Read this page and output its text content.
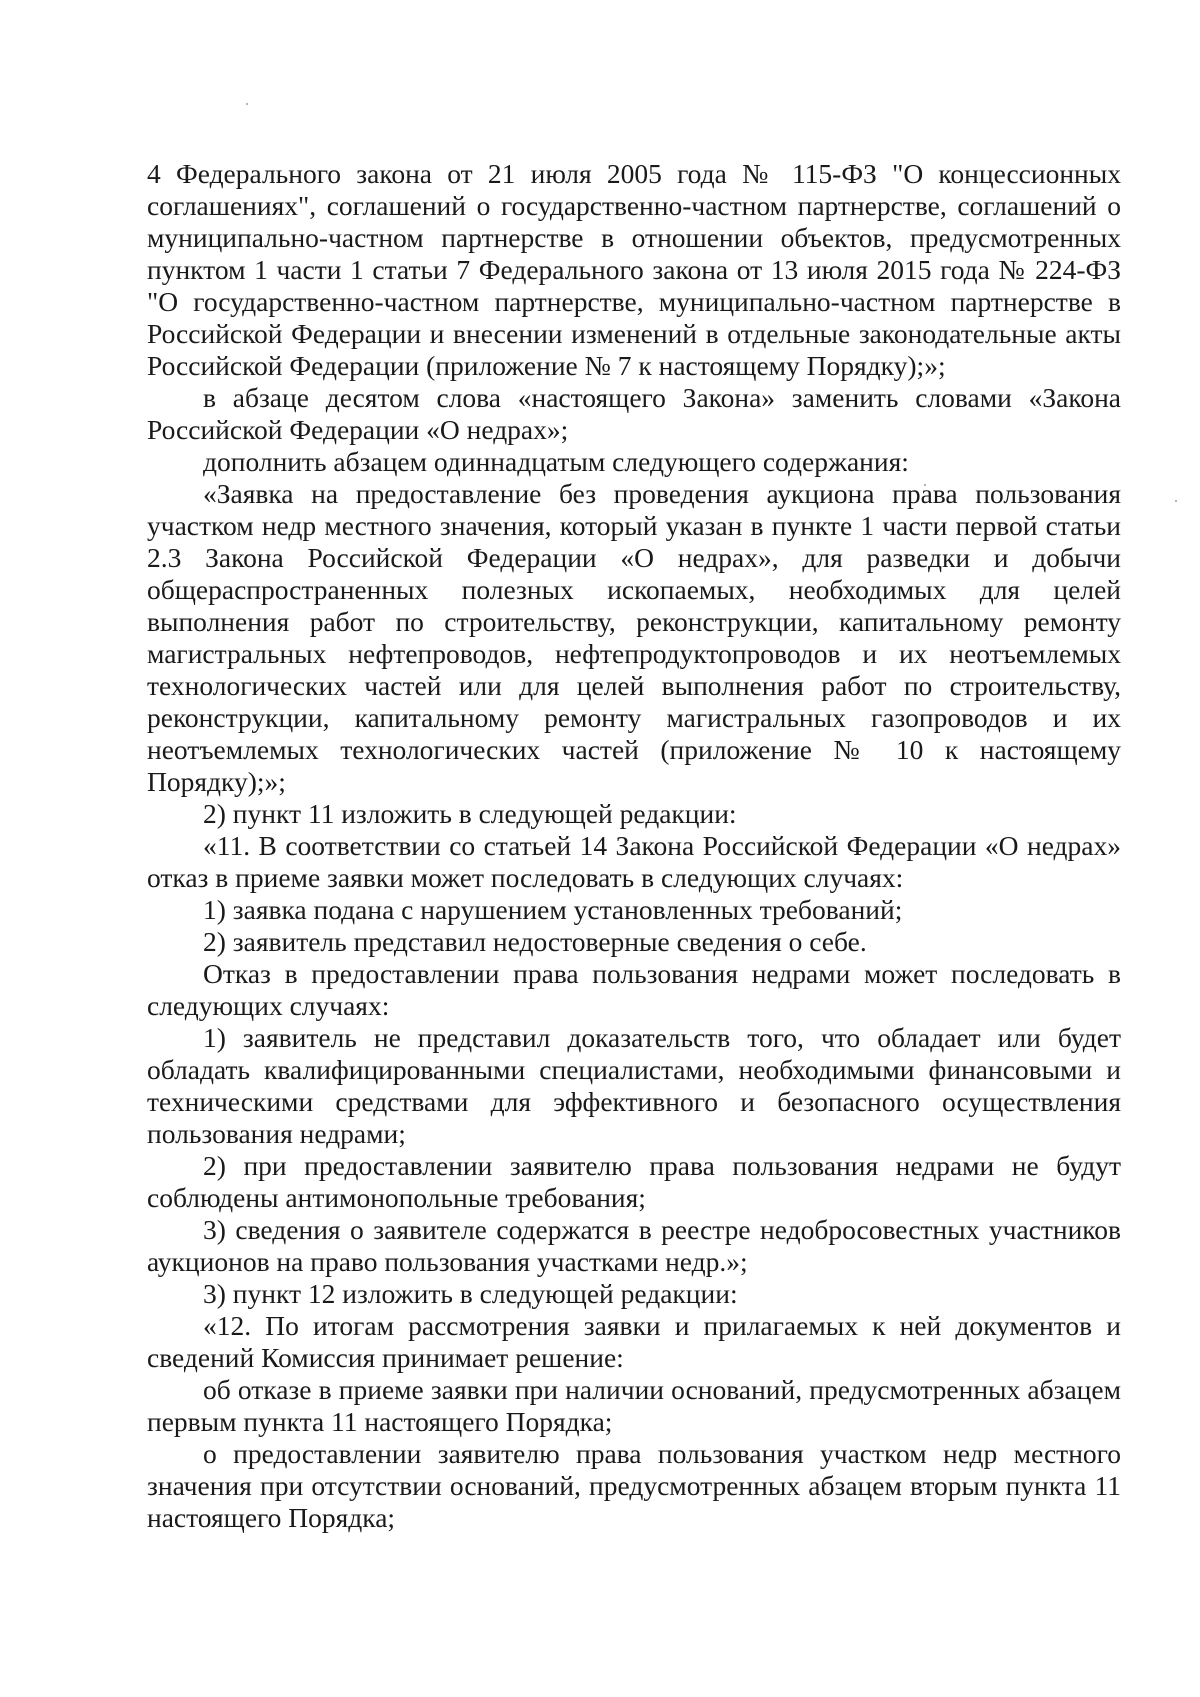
4 Федерального закона от 21 июля 2005 года № 115-ФЗ "О концессионных соглашениях", соглашений о государственно-частном партнерстве, соглашений о муниципально-частном партнерстве в отношении объектов, предусмотренных пунктом 1 части 1 статьи 7 Федерального закона от 13 июля 2015 года № 224-ФЗ "О государственно-частном партнерстве, муниципально-частном партнерстве в Российской Федерации и внесении изменений в отдельные законодательные акты Российской Федерации (приложение № 7 к настоящему Порядку);»;

в абзаце десятом слова «настоящего Закона» заменить словами «Закона Российской Федерации «О недрах»;

дополнить абзацем одиннадцатым следующего содержания:

«Заявка на предоставление без проведения аукциона права пользования участком недр местного значения, который указан в пункте 1 части первой статьи 2.3 Закона Российской Федерации «О недрах», для разведки и добычи общераспространенных полезных ископаемых, необходимых для целей выполнения работ по строительству, реконструкции, капитальному ремонту магистральных нефтепроводов, нефтепродуктопроводов и их неотъемлемых технологических частей или для целей выполнения работ по строительству, реконструкции, капитальному ремонту магистральных газопроводов и их неотъемлемых технологических частей (приложение № 10 к настоящему Порядку);»;

2) пункт 11 изложить в следующей редакции:

«11. В соответствии со статьей 14 Закона Российской Федерации «О недрах» отказ в приеме заявки может последовать в следующих случаях:

1) заявка подана с нарушением установленных требований;

2) заявитель представил недостоверные сведения о себе.

Отказ в предоставлении права пользования недрами может последовать в следующих случаях:

1) заявитель не представил доказательств того, что обладает или будет обладать квалифицированными специалистами, необходимыми финансовыми и техническими средствами для эффективного и безопасного осуществления пользования недрами;

2) при предоставлении заявителю права пользования недрами не будут соблюдены антимонопольные требования;

3) сведения о заявителе содержатся в реестре недобросовестных участников аукционов на право пользования участками недр.»;

3) пункт 12 изложить в следующей редакции:

«12. По итогам рассмотрения заявки и прилагаемых к ней документов и сведений Комиссия принимает решение:

об отказе в приеме заявки при наличии оснований, предусмотренных абзацем первым пункта 11 настоящего Порядка;

о предоставлении заявителю права пользования участком недр местного значения при отсутствии оснований, предусмотренных абзацем вторым пункта 11 настоящего Порядка;
